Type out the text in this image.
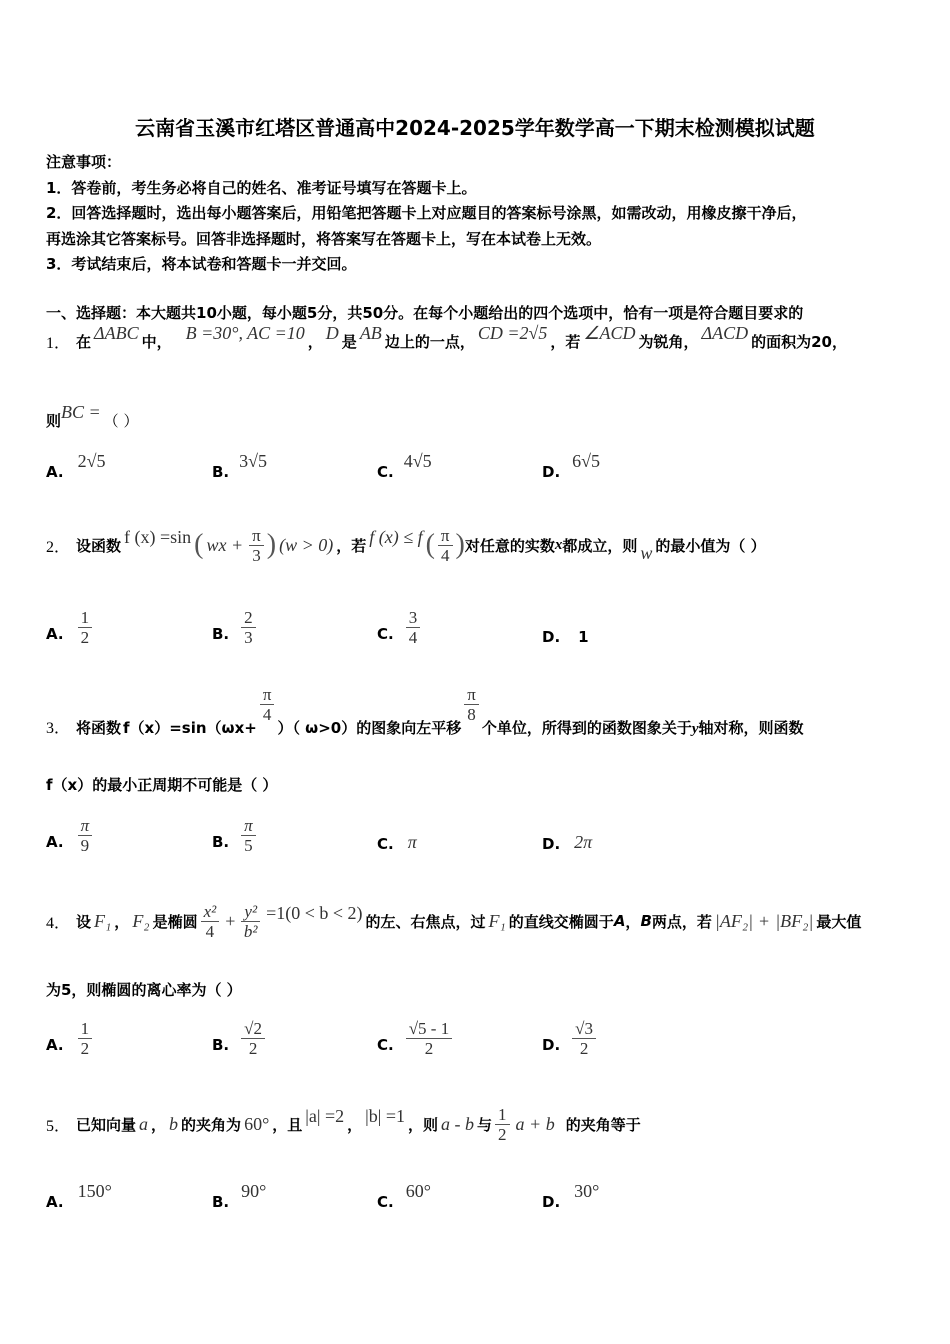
云南省玉溪市红塔区普通高中2024-2025学年数学高一下期末检测模拟试题
注意事项：
1．答卷前，考生务必将自己的姓名、准考证号填写在答题卡上。
2．回答选择题时，选出每小题答案后，用铅笔把答题卡上对应题目的答案标号涂黑，如需改动，用橡皮擦干净后，
再选涂其它答案标号。回答非选择题时，将答案写在答题卡上，写在本试卷上无效。
3．考试结束后，将本试卷和答题卡一并交回。
一、选择题：本大题共10小题，每小题5分，共50分。在每个小题给出的四个选项中，恰有一项是符合题目要求的
1． 在 ΔABC 中， B =30°, AC =10 ， D 是 AB 边上的一点， CD =2√5 ，若 ∠ACD 为锐角， ΔACD 的面积为20，
则 BC = （ ）
A.
2√5
B.
3√5
C.
4√5
D.
6√5
2． 设函数 f (x) =sin ( wx + $\frac{\pi}{3}$ ) (w > 0) ，若 f (x) ≤ f ( $\frac{\pi}{4}$ ) 对任意的实数 x 都成立，则 w 的最小值为（ ）
A. $\frac{1}{2}$	B. $\frac{2}{3}$	C. $\frac{3}{4}$	D. 1
3． 将函数 f（x）=sin（ωx+
$\frac{\pi}{4}$
）（ ω>0）的图象向左平移
$\frac{\pi}{8}$
个单位，所得到的函数图象关于 y 轴对称，则函数
f（x）的最小正周期不可能是（ ）
A. $\frac{\pi}{9}$	B. $\frac{\pi}{5}$	C. π	D. 2π
4． 设 F₁ ， F₂ 是椭圆 $\frac{\text{x²}}{4} + \frac{\text{y²}}{\text{b²}} =1(0 < b < 2)$ 的左、右焦点，过 F₁ 的直线交椭圆于 A ， B 两点，若 |AF₂| + |BF₂| 最大值
为5，则椭圆的离心率为（ ）
A. $\frac{1}{2}$	B. $\frac{√2}{2}$	C. $\frac{√5 - 1}{2}$	D. $\frac{√3}{2}$
5． 已知向量 a ， b 的夹角为 60° ，且 |a| =2 ， |b| =1 ，则 a - b 与 $\frac{1}{2}$ a + b 的夹角等于
A.
150°
B.
90°
C.
60°
D.
30°
